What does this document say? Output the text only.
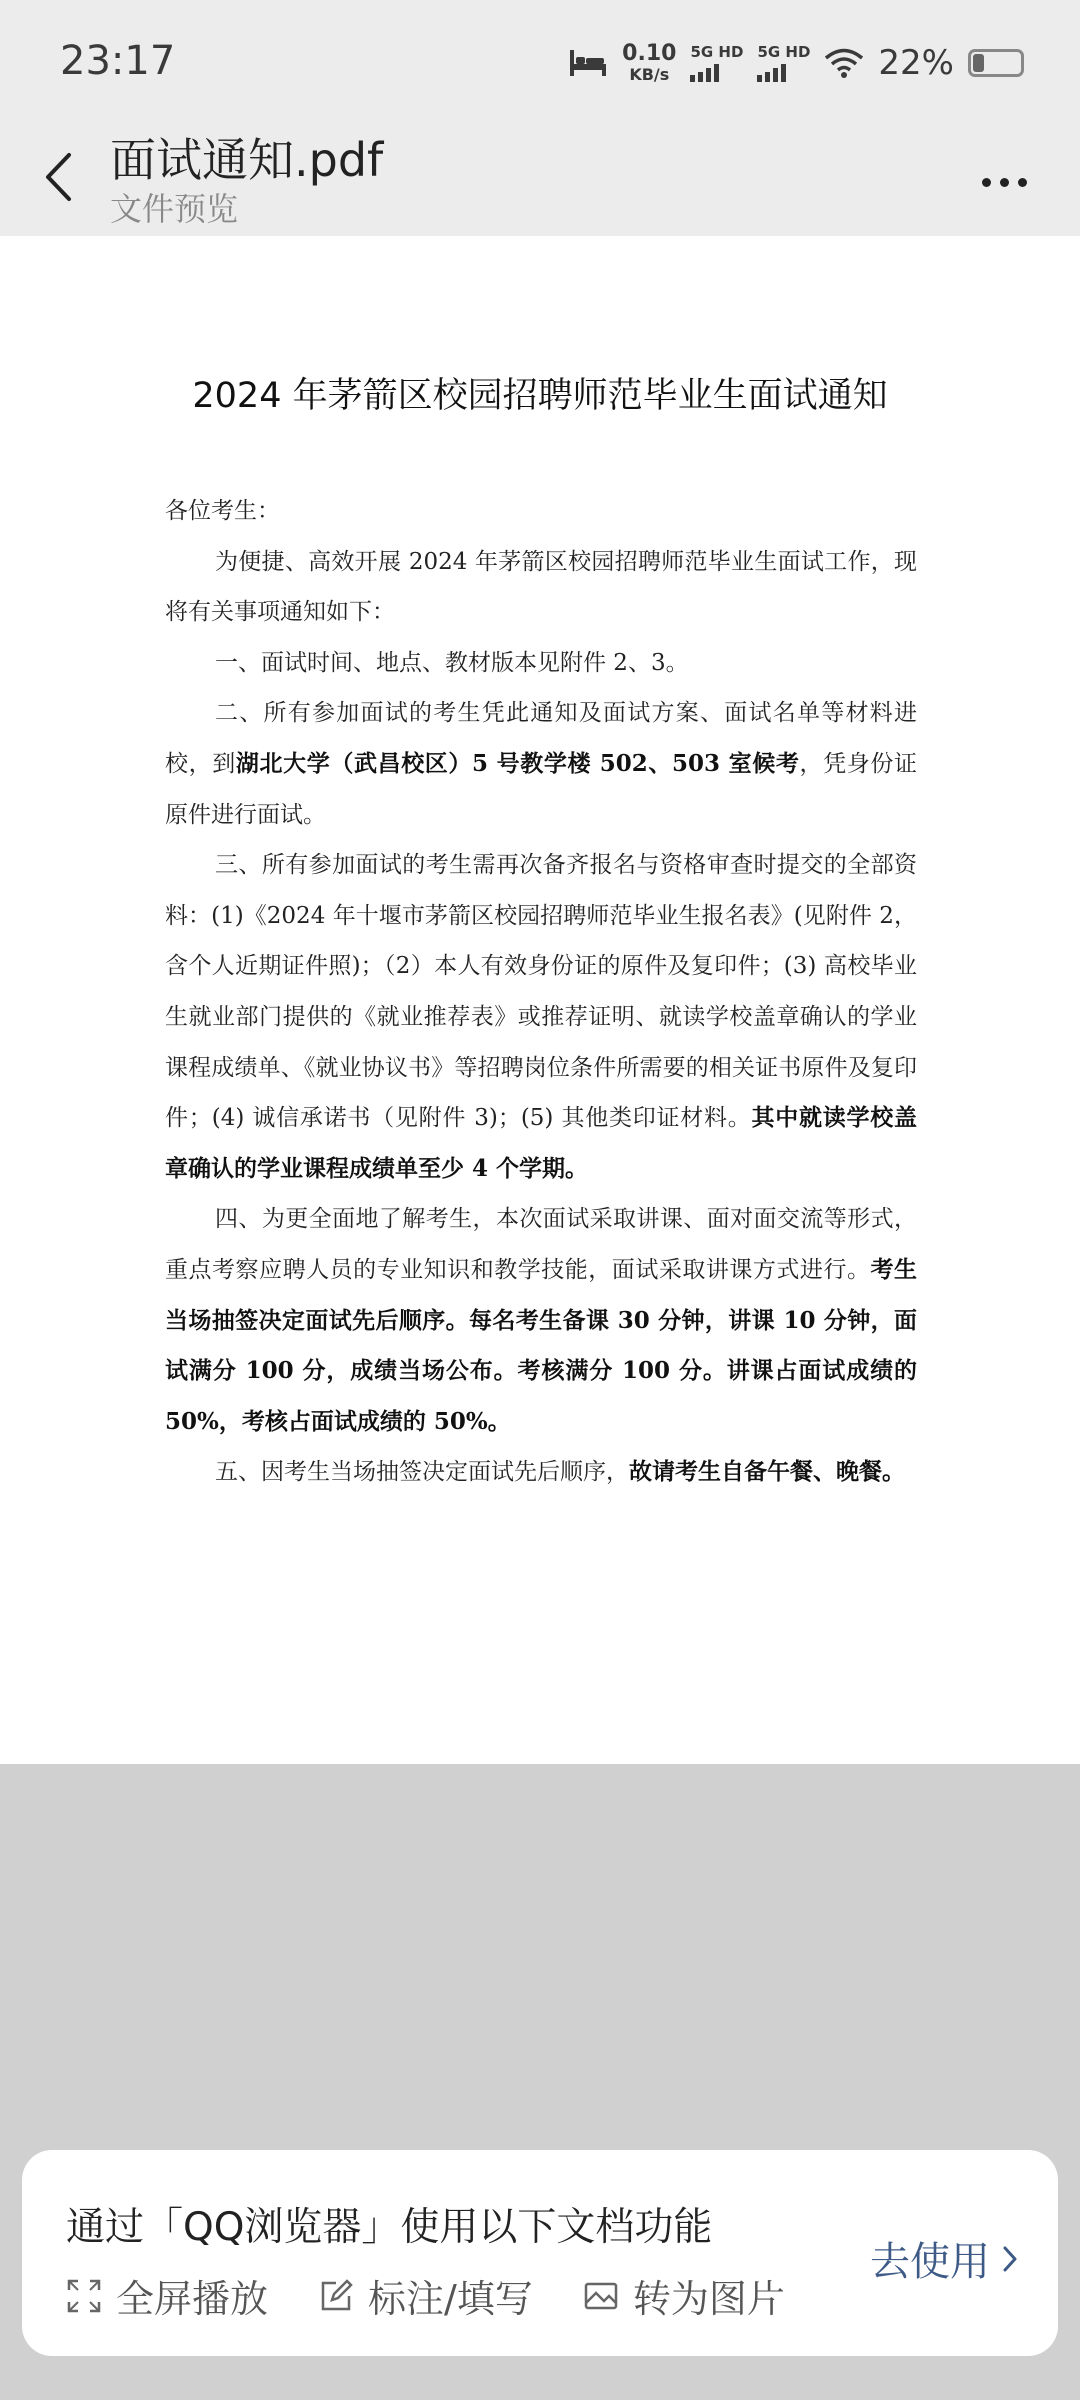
23:17	0.10
KB/s
5G HD 5G HD 22%
面试通知.pdf
文件预览
2024 年茅箭区校园招聘师范毕业生面试通知

各位考生：

为便捷、高效开展 2024 年茅箭区校园招聘师范毕业生面试工作，现将有关事项通知如下：

一、面试时间、地点、教材版本见附件 2、3。

二、所有参加面试的考生凭此通知及面试方案、面试名单等材料进校，到湖北大学（武昌校区）5 号教学楼 502、503 室候考，凭身份证原件进行面试。

三、所有参加面试的考生需再次备齐报名与资格审查时提交的全部资料：(1)《2024 年十堰市茅箭区校园招聘师范毕业生报名表》(见附件 2，含个人近期证件照)；（2）本人有效身份证的原件及复印件；(3) 高校毕业生就业部门提供的《就业推荐表》或推荐证明、就读学校盖章确认的学业课程成绩单、《就业协议书》等招聘岗位条件所需要的相关证书原件及复印件；(4) 诚信承诺书（见附件 3)；(5) 其他类印证材料。其中就读学校盖章确认的学业课程成绩单至少 4 个学期。

四、为更全面地了解考生，本次面试采取讲课、面对面交流等形式，重点考察应聘人员的专业知识和教学技能，面试采取讲课方式进行。考生当场抽签决定面试先后顺序。每名考生备课 30 分钟，讲课 10 分钟，面试满分 100 分，成绩当场公布。考核满分 100 分。讲课占面试成绩的 50%，考核占面试成绩的 50%。

五、因考生当场抽签决定面试先后顺序，故请考生自备午餐、晚餐。

通过「QQ浏览器」使用以下文档功能
全屏播放	标注/填写	转为图片
去使用
